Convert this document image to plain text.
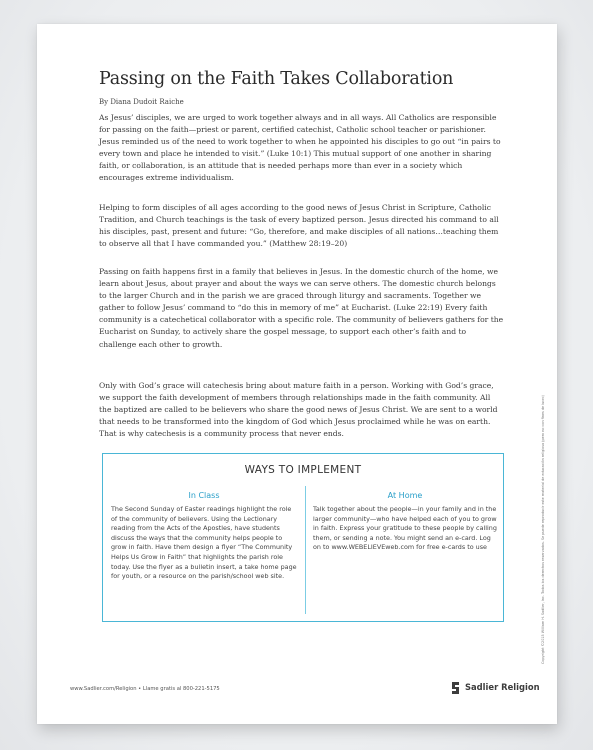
Passing on the Faith Takes Collaboration
By Diana Dudoit Raiche

As Jesus’ disciples, we are urged to work together always and in all ways. All Catholics are responsible for passing on the faith—priest or parent, certified catechist, Catholic school teacher or parishioner. Jesus reminded us of the need to work together to when he appointed his disciples to go out “in pairs to every town and place he intended to visit.” (Luke 10:1) This mutual support of one another in sharing faith, or collaboration, is an attitude that is needed perhaps more than ever in a society which encourages extreme individualism.

Helping to form disciples of all ages according to the good news of Jesus Christ in Scripture, Catholic Tradition, and Church teachings is the task of every baptized person. Jesus directed his command to all his disciples, past, present and future: “Go, therefore, and make disciples of all nations…teaching them to observe all that I have commanded you.” (Matthew 28:19–20)

Passing on faith happens first in a family that believes in Jesus. In the domestic church of the home, we learn about Jesus, about prayer and about the ways we can serve others. The domestic church belongs to the larger Church and in the parish we are graced through liturgy and sacraments. Together we gather to follow Jesus’ command to “do this in memory of me” at Eucharist. (Luke 22:19) Every faith community is a catechetical collaborator with a specific role. The community of believers gathers for the Eucharist on Sunday, to actively share the gospel message, to support each other’s faith and to challenge each other to growth.

Only with God’s grace will catechesis bring about mature faith in a person. Working with God’s grace, we support the faith development of members through relationships made in the faith community. All the baptized are called to be believers who share the good news of Jesus Christ. We are sent to a world that needs to be transformed into the kingdom of God which Jesus proclaimed while he was on earth. That is why catechesis is a community process that never ends.

WAYS TO IMPLEMENT
In Class	At Home

The Second Sunday of Easter readings highlight the role of the community of believers. Using the Lectionary reading from the Acts of the Apostles, have students discuss the ways that the community helps people to grow in faith. Have them design a flyer “The Community Helps Us Grow in Faith” that highlights the parish role today. Use the flyer as a bulletin insert, a take home page for youth, or a resource on the parish/school web site.

Talk together about the people—in your family and in the larger community—who have helped each of you to grow in faith. Express your gratitude to these people by calling them, or sending a note. You might send an e-card. Log on to www.WEBELIEVEweb.com for free e-cards to use

www.Sadlier.com/Religion • Llame gratis al 800-221-5175	Sadlier Religion
Copyright ©2015 William H. Sadlier, Inc. Todos los derechos reservados. Se puede reproducir este material de educación religiosa (pero no con fines de lucro)
